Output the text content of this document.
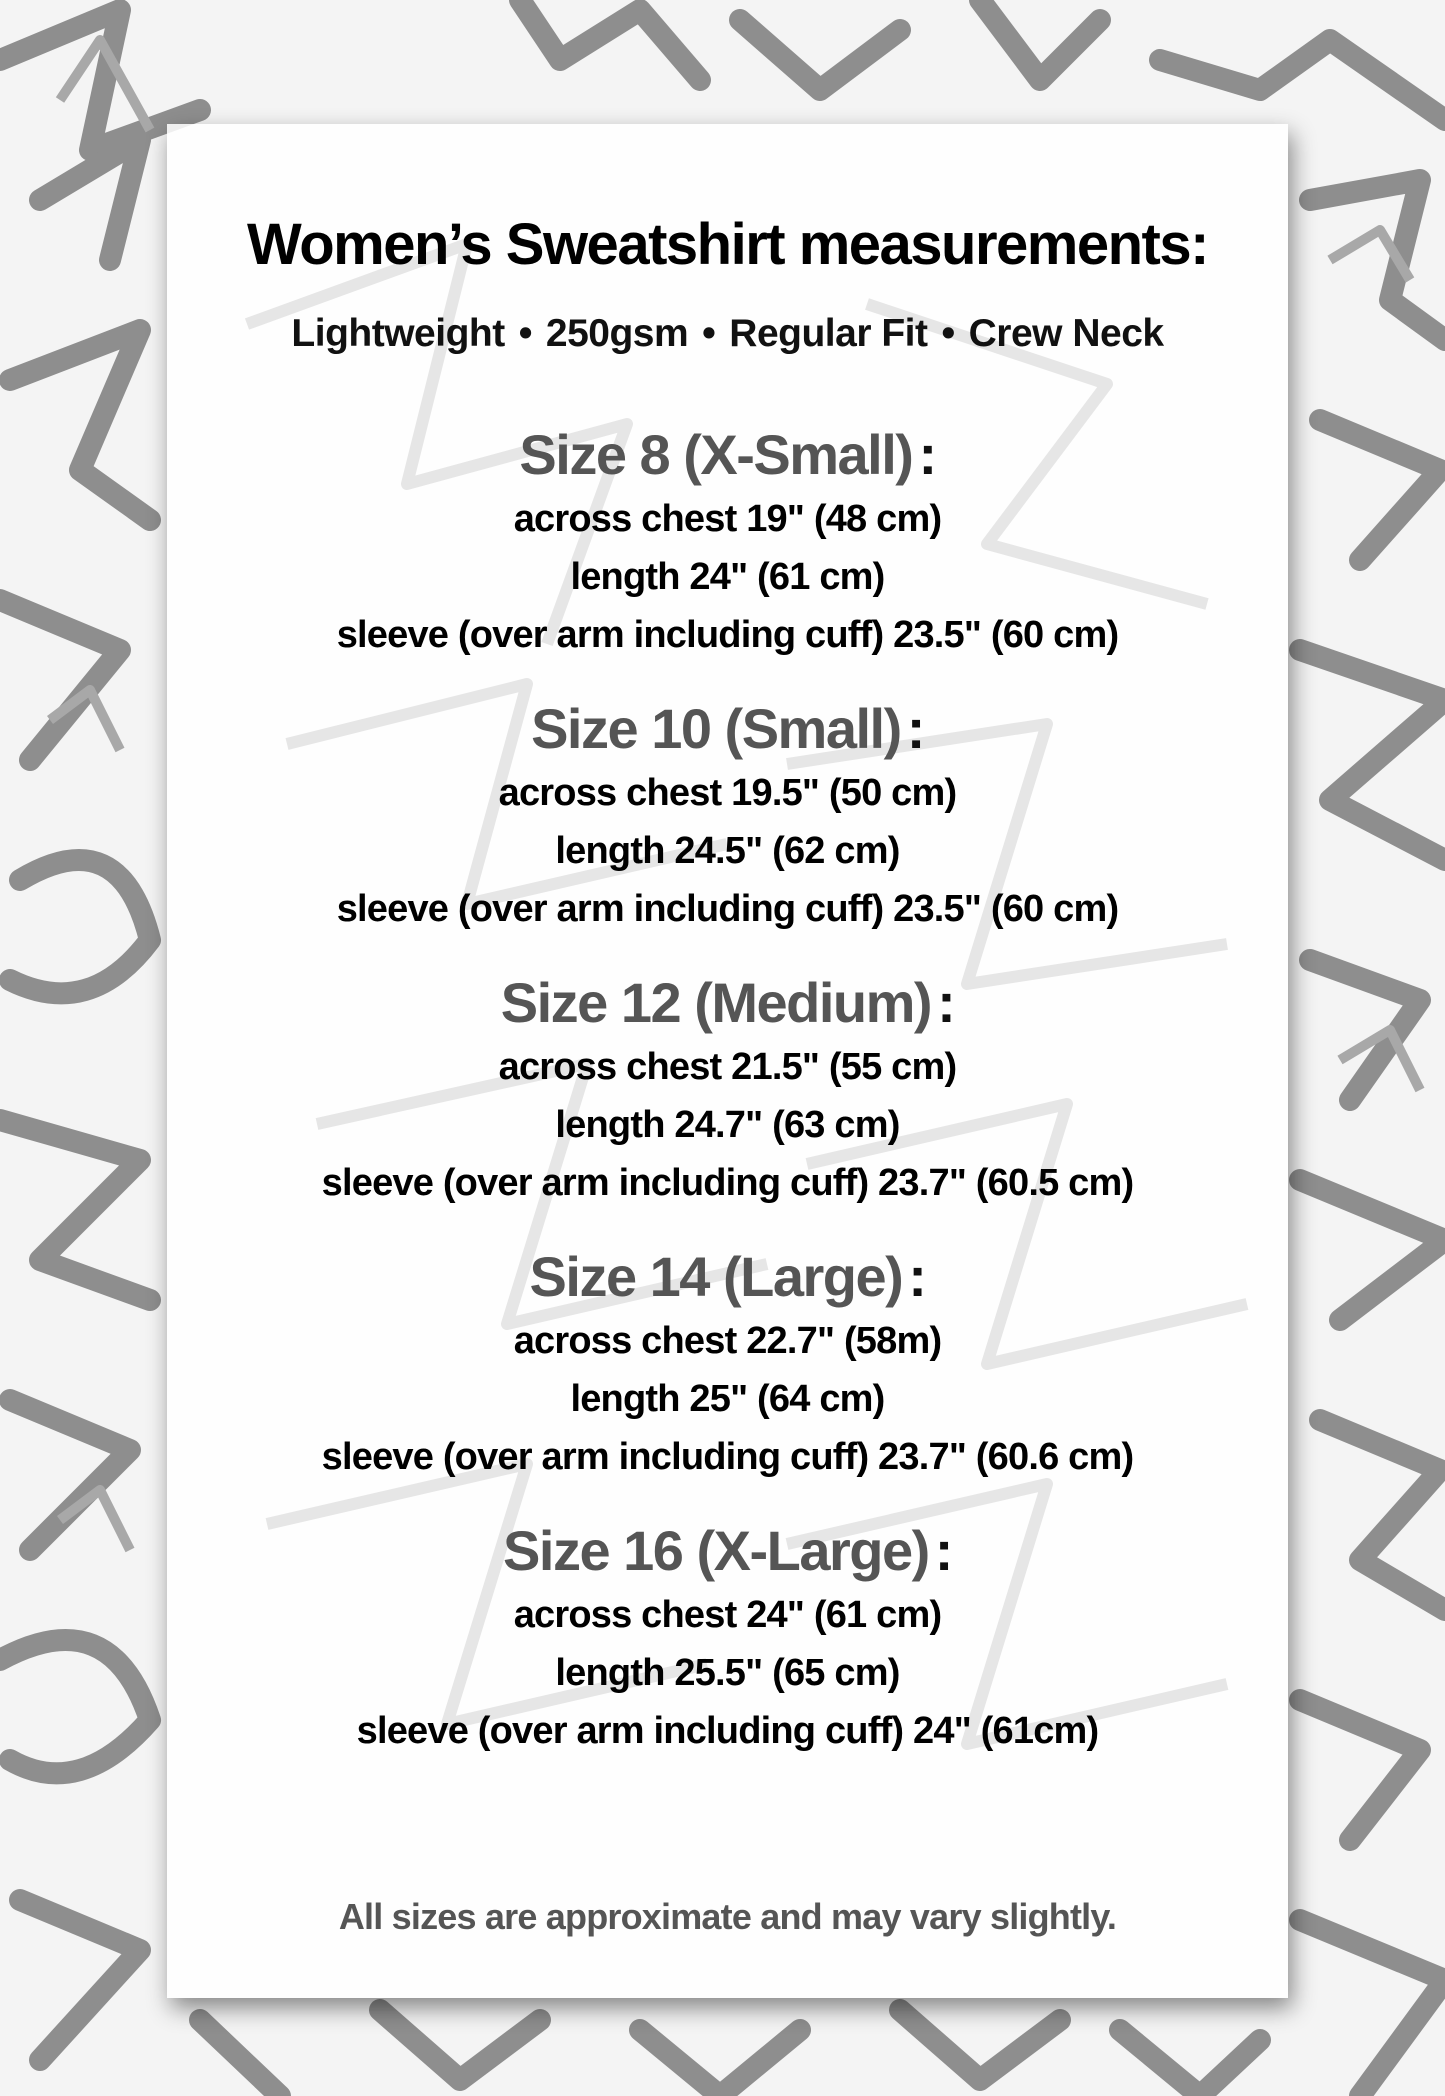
Women’s Sweatshirt measurements:
Lightweight • 250gsm • Regular Fit • Crew Neck
Size 8 (X-Small) :
across chest 19" (48 cm)
length 24" (61 cm)
sleeve (over arm including cuff) 23.5" (60 cm)
Size 10 (Small) :
across chest 19.5" (50 cm)
length 24.5" (62 cm)
sleeve (over arm including cuff) 23.5" (60 cm)
Size 12 (Medium) :
across chest 21.5" (55 cm)
length 24.7" (63 cm)
sleeve (over arm including cuff) 23.7" (60.5 cm)
Size 14 (Large) :
across chest 22.7" (58m)
length 25" (64 cm)
sleeve (over arm including cuff) 23.7" (60.6 cm)
Size 16 (X-Large) :
across chest 24" (61 cm)
length 25.5" (65 cm)
sleeve (over arm including cuff) 24" (61cm)
All sizes are approximate and may vary slightly.
